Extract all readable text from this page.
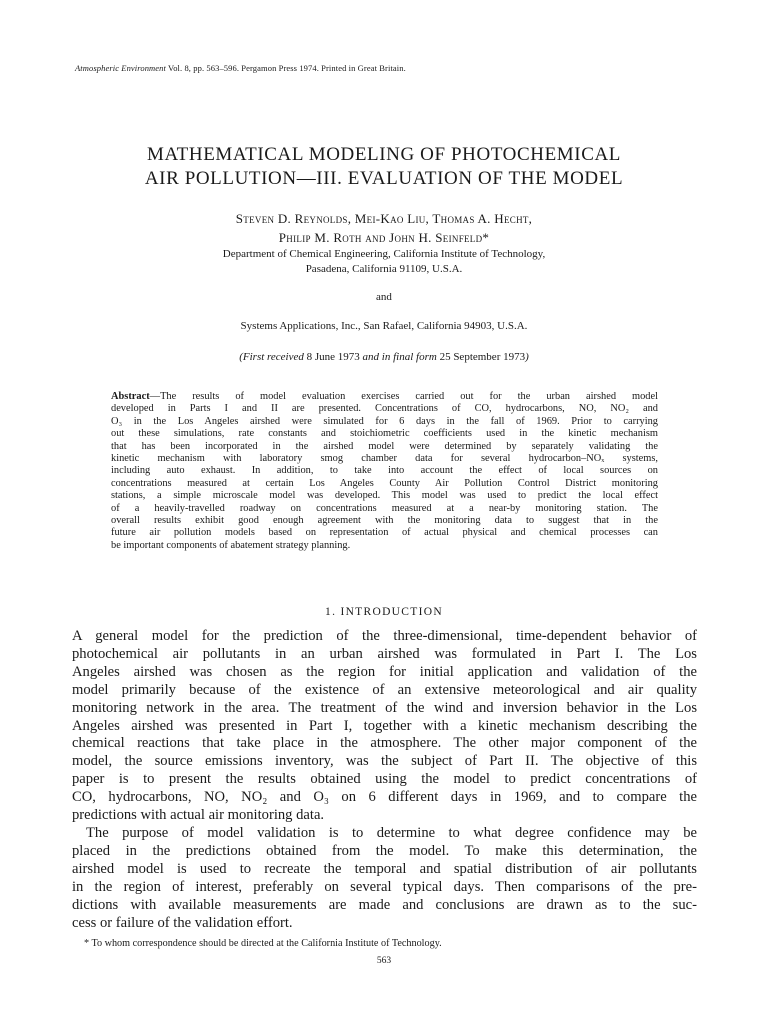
Atmospheric Environment Vol. 8, pp. 563–596. Pergamon Press 1974. Printed in Great Britain.
MATHEMATICAL MODELING OF PHOTOCHEMICAL
AIR POLLUTION—III. EVALUATION OF THE MODEL
Steven D. Reynolds, Mei-Kao Liu, Thomas A. Hecht,
Philip M. Roth and John H. Seinfeld*
Department of Chemical Engineering, California Institute of Technology,
Pasadena, California 91109, U.S.A.
and
Systems Applications, Inc., San Rafael, California 94903, U.S.A.
(First received 8 June 1973 and in final form 25 September 1973)
Abstract—The results of model evaluation exercises carried out for the urban airshed model
developed in Parts I and II are presented. Concentrations of CO, hydrocarbons, NO, NO₂ and
O₃ in the Los Angeles airshed were simulated for 6 days in the fall of 1969. Prior to carrying
out these simulations, rate constants and stoichiometric coefficients used in the kinetic mechanism
that has been incorporated in the airshed model were determined by separately validating the
kinetic mechanism with laboratory smog chamber data for several hydrocarbon–NOₓ systems,
including auto exhaust. In addition, to take into account the effect of local sources on
concentrations measured at certain Los Angeles County Air Pollution Control District monitoring
stations, a simple microscale model was developed. This model was used to predict the local effect
of a heavily-travelled roadway on concentrations measured at a near-by monitoring station. The
overall results exhibit good enough agreement with the monitoring data to suggest that in the
future air pollution models based on representation of actual physical and chemical processes can
be important components of abatement strategy planning.
1. INTRODUCTION
A general model for the prediction of the three-dimensional, time-dependent behavior of
photochemical air pollutants in an urban airshed was formulated in Part I. The Los
Angeles airshed was chosen as the region for initial application and validation of the
model primarily because of the existence of an extensive meteorological and air quality
monitoring network in the area. The treatment of the wind and inversion behavior in the Los
Angeles airshed was presented in Part I, together with a kinetic mechanism describing the
chemical reactions that take place in the atmosphere. The other major component of the
model, the source emissions inventory, was the subject of Part II. The objective of this
paper is to present the results obtained using the model to predict concentrations of
CO, hydrocarbons, NO, NO₂ and O₃ on 6 different days in 1969, and to compare the
predictions with actual air monitoring data.
The purpose of model validation is to determine to what degree confidence may be
placed in the predictions obtained from the model. To make this determination, the
airshed model is used to recreate the temporal and spatial distribution of air pollutants
in the region of interest, preferably on several typical days. Then comparisons of the pre-
dictions with available measurements are made and conclusions are drawn as to the suc-
cess or failure of the validation effort.
* To whom correspondence should be directed at the California Institute of Technology.
563
